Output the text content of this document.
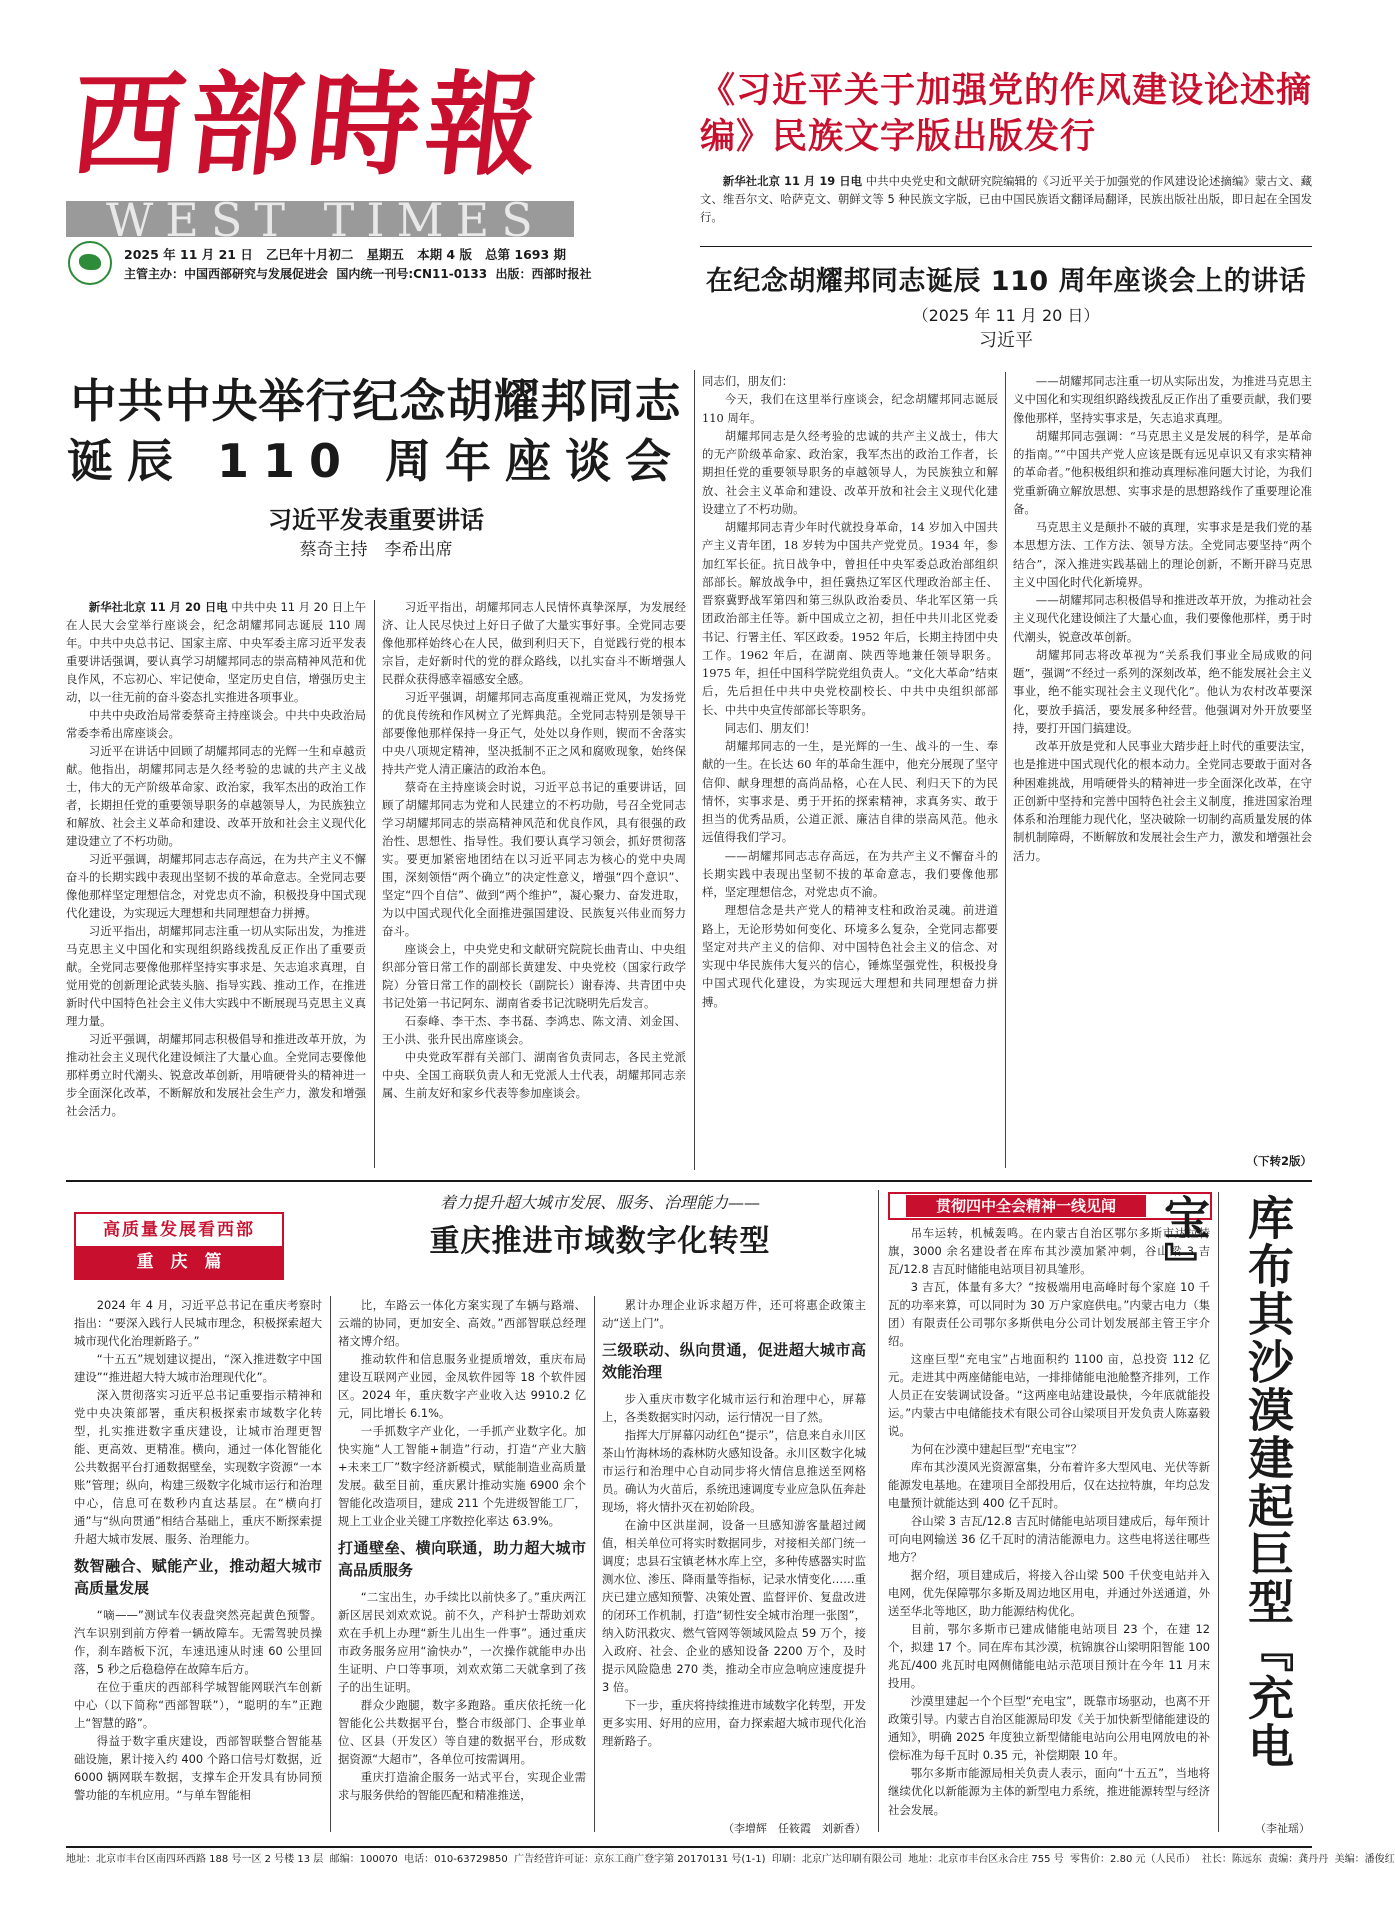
西部時報
WEST TIMES
2025 年 11 月 21 日 乙巳年十月初二 星期五 本期 4 版 总第 1693 期
主管主办：中国西部研究与发展促进会 国内统一刊号:CN11-0133 出版：西部时报社
《习近平关于加强党的作风建设论述摘编》民族文字版出版发行

新华社北京 11 月 19 日电 中共中央党史和文献研究院编辑的《习近平关于加强党的作风建设论述摘编》蒙古文、藏文、维吾尔文、哈萨克文、朝鲜文等 5 种民族文字版，已由中国民族语文翻译局翻译，民族出版社出版，即日起在全国发行。

在纪念胡耀邦同志诞辰 110 周年座谈会上的讲话
（2025 年 11 月 20 日）
习近平
中共中央举行纪念胡耀邦同志
诞辰 110 周年座谈会
习近平发表重要讲话
蔡奇主持　李希出席

新华社北京 11 月 20 日电 中共中央 11 月 20 日上午在人民大会堂举行座谈会，纪念胡耀邦同志诞辰 110 周年。中共中央总书记、国家主席、中央军委主席习近平发表重要讲话强调，要认真学习胡耀邦同志的崇高精神风范和优良作风，不忘初心、牢记使命，坚定历史自信，增强历史主动，以一往无前的奋斗姿态扎实推进各项事业。

中共中央政治局常委蔡奇主持座谈会。中共中央政治局常委李希出席座谈会。

习近平在讲话中回顾了胡耀邦同志的光辉一生和卓越贡献。他指出，胡耀邦同志是久经考验的忠诚的共产主义战士，伟大的无产阶级革命家、政治家，我军杰出的政治工作者，长期担任党的重要领导职务的卓越领导人，为民族独立和解放、社会主义革命和建设、改革开放和社会主义现代化建设建立了不朽功勋。

习近平强调，胡耀邦同志志存高远，在为共产主义不懈奋斗的长期实践中表现出坚韧不拔的革命意志。全党同志要像他那样坚定理想信念，对党忠贞不渝，积极投身中国式现代化建设，为实现远大理想和共同理想奋力拼搏。

习近平指出，胡耀邦同志注重一切从实际出发，为推进马克思主义中国化和实现组织路线拨乱反正作出了重要贡献。全党同志要像他那样坚持实事求是、矢志追求真理，自觉用党的创新理论武装头脑、指导实践、推动工作，在推进新时代中国特色社会主义伟大实践中不断展现马克思主义真理力量。

习近平强调，胡耀邦同志积极倡导和推进改革开放，为推动社会主义现代化建设倾注了大量心血。全党同志要像他那样勇立时代潮头、锐意改革创新，用啃硬骨头的精神进一步全面深化改革，不断解放和发展社会生产力，激发和增强社会活力。

习近平指出，胡耀邦同志人民情怀真挚深厚，为发展经济、让人民尽快过上好日子做了大量实事好事。全党同志要像他那样始终心在人民，做到利归天下，自觉践行党的根本宗旨，走好新时代的党的群众路线，以扎实奋斗不断增强人民群众获得感幸福感安全感。

习近平强调，胡耀邦同志高度重视端正党风，为发扬党的优良传统和作风树立了光辉典范。全党同志特别是领导干部要像他那样保持一身正气，处处以身作则，锲而不舍落实中央八项规定精神，坚决抵制不正之风和腐败现象，始终保持共产党人清正廉洁的政治本色。

蔡奇在主持座谈会时说，习近平总书记的重要讲话，回顾了胡耀邦同志为党和人民建立的不朽功勋，号召全党同志学习胡耀邦同志的崇高精神风范和优良作风，具有很强的政治性、思想性、指导性。我们要认真学习领会，抓好贯彻落实。要更加紧密地团结在以习近平同志为核心的党中央周围，深刻领悟“两个确立”的决定性意义，增强“四个意识”、坚定“四个自信”、做到“两个维护”，凝心聚力、奋发进取，为以中国式现代化全面推进强国建设、民族复兴伟业而努力奋斗。

座谈会上，中央党史和文献研究院院长曲青山、中央组织部分管日常工作的副部长黄建发、中央党校（国家行政学院）分管日常工作的副校长（副院长）谢春涛、共青团中央书记处第一书记阿东、湖南省委书记沈晓明先后发言。

石泰峰、李干杰、李书磊、李鸿忠、陈文清、刘金国、王小洪、张升民出席座谈会。

中央党政军群有关部门、湖南省负责同志，各民主党派中央、全国工商联负责人和无党派人士代表，胡耀邦同志亲属、生前友好和家乡代表等参加座谈会。

同志们，朋友们：

今天，我们在这里举行座谈会，纪念胡耀邦同志诞辰 110 周年。

胡耀邦同志是久经考验的忠诚的共产主义战士，伟大的无产阶级革命家、政治家，我军杰出的政治工作者，长期担任党的重要领导职务的卓越领导人，为民族独立和解放、社会主义革命和建设、改革开放和社会主义现代化建设建立了不朽功勋。

胡耀邦同志青少年时代就投身革命，14 岁加入中国共产主义青年团，18 岁转为中国共产党党员。1934 年，参加红军长征。抗日战争中，曾担任中央军委总政治部组织部部长。解放战争中，担任冀热辽军区代理政治部主任、晋察冀野战军第四和第三纵队政治委员、华北军区第一兵团政治部主任等。新中国成立之初，担任中共川北区党委书记、行署主任、军区政委。1952 年后，长期主持团中央工作。1962 年后，在湖南、陕西等地兼任领导职务。1975 年，担任中国科学院党组负责人。“文化大革命”结束后，先后担任中共中央党校副校长、中共中央组织部部长、中共中央宣传部部长等职务。

同志们、朋友们！

胡耀邦同志的一生，是光辉的一生、战斗的一生、奉献的一生。在长达 60 年的革命生涯中，他充分展现了坚守信仰、献身理想的高尚品格，心在人民、利归天下的为民情怀，实事求是、勇于开拓的探索精神，求真务实、敢于担当的优秀品质，公道正派、廉洁自律的崇高风范。他永远值得我们学习。

——胡耀邦同志志存高远，在为共产主义不懈奋斗的长期实践中表现出坚韧不拔的革命意志，我们要像他那样，坚定理想信念，对党忠贞不渝。

理想信念是共产党人的精神支柱和政治灵魂。前进道路上，无论形势如何变化、环境多么复杂，全党同志都要坚定对共产主义的信仰、对中国特色社会主义的信念、对实现中华民族伟大复兴的信心，锤炼坚强党性，积极投身中国式现代化建设，为实现远大理想和共同理想奋力拼搏。

——胡耀邦同志注重一切从实际出发，为推进马克思主义中国化和实现组织路线拨乱反正作出了重要贡献，我们要像他那样，坚持实事求是，矢志追求真理。

胡耀邦同志强调：“马克思主义是发展的科学，是革命的指南。”“中国共产党人应该是既有远见卓识又有求实精神的革命者。”他积极组织和推动真理标准问题大讨论，为我们党重新确立解放思想、实事求是的思想路线作了重要理论准备。

马克思主义是颠扑不破的真理，实事求是是我们党的基本思想方法、工作方法、领导方法。全党同志要坚持“两个结合”，深入推进实践基础上的理论创新，不断开辟马克思主义中国化时代化新境界。

——胡耀邦同志积极倡导和推进改革开放，为推动社会主义现代化建设倾注了大量心血，我们要像他那样，勇于时代潮头，锐意改革创新。

胡耀邦同志将改革视为“关系我们事业全局成败的问题”，强调“不经过一系列的深刻改革，绝不能发展社会主义事业，绝不能实现社会主义现代化”。他认为农村改革要深化，要放手搞活，要发展多种经营。他强调对外开放要坚持，要打开国门搞建设。

改革开放是党和人民事业大踏步赶上时代的重要法宝，也是推进中国式现代化的根本动力。全党同志要敢于面对各种困难挑战，用啃硬骨头的精神进一步全面深化改革，在守正创新中坚持和完善中国特色社会主义制度，推进国家治理体系和治理能力现代化，坚决破除一切制约高质量发展的体制机制障碍，不断解放和发展社会生产力，激发和增强社会活力。

（下转2版）
高质量发展看西部
重　庆　篇
着力提升超大城市发展、服务、治理能力——
重庆推进市域数字化转型

2024 年 4 月，习近平总书记在重庆考察时指出：“要深入践行人民城市理念，积极探索超大城市现代化治理新路子。”

“十五五”规划建议提出，“深入推进数字中国建设”“推进超大特大城市治理现代化”。

深入贯彻落实习近平总书记重要指示精神和党中央决策部署，重庆积极探索市域数字化转型，扎实推进数字重庆建设，让城市治理更智能、更高效、更精准。横向，通过一体化智能化公共数据平台打通数据壁垒，实现数字资源“一本账”管理；纵向，构建三级数字化城市运行和治理中心，信息可在数秒内直达基层。在“横向打通”与“纵向贯通”相结合基础上，重庆不断探索提升超大城市发展、服务、治理能力。

数智融合、赋能产业，推动超大城市高质量发展

“嘀——”测试车仪表盘突然亮起黄色预警。汽车识别到前方停着一辆故障车。无需驾驶员操作，刹车踏板下沉，车速迅速从时速 60 公里回落，5 秒之后稳稳停在故障车后方。

在位于重庆的西部科学城智能网联汽车创新中心（以下简称“西部智联”），“聪明的车”正跑上“智慧的路”。

得益于数字重庆建设，西部智联整合智能基础设施，累计接入约 400 个路口信号灯数据，近 6000 辆网联车数据，支撑车企开发具有协同预警功能的车机应用。“与单车智能相

比，车路云一体化方案实现了车辆与路端、云端的协同，更加安全、高效。”西部智联总经理褚文博介绍。

推动软件和信息服务业提质增效，重庆布局建设互联网产业园，金凤软件园等 18 个软件园区。2024 年，重庆数字产业收入达 9910.2 亿元，同比增长 6.1%。

一手抓数字产业化，一手抓产业数字化。加快实施“人工智能+制造”行动，打造“产业大脑+未来工厂”数字经济新模式，赋能制造业高质量发展。截至目前，重庆累计推动实施 6900 余个智能化改造项目，建成 211 个先进级智能工厂，规上工业企业关键工序数控化率达 63.9%。

打通壁垒、横向联通，助力超大城市高品质服务

“二宝出生，办手续比以前快多了。”重庆两江新区居民刘欢欢说。前不久，产科护士帮助刘欢欢在手机上办理“新生儿出生一件事”。通过重庆市政务服务应用“渝快办”，一次操作就能申办出生证明、户口等事项，刘欢欢第二天就拿到了孩子的出生证明。

群众少跑腿，数字多跑路。重庆依托统一化智能化公共数据平台，整合市级部门、企事业单位、区县（开发区）等自建的数据平台，形成数据资源“大超市”，各单位可按需调用。

重庆打造渝企服务一站式平台，实现企业需求与服务供给的智能匹配和精准推送，

累计办理企业诉求超万件，还可将惠企政策主动“送上门”。

三级联动、纵向贯通，促进超大城市高效能治理

步入重庆市数字化城市运行和治理中心，屏幕上，各类数据实时闪动，运行情况一目了然。

指挥大厅屏幕闪动红色“提示”，信息来自永川区茶山竹海林场的森林防火感知设备。永川区数字化城市运行和治理中心自动同步将火情信息推送至网格员。确认为火苗后，系统迅速调度专业应急队伍奔赴现场，将火情扑灭在初始阶段。

在渝中区洪崖洞，设备一旦感知游客量超过阈值，相关单位可将实时数据同步，对接相关部门统一调度；忠县石宝镇老林水库上空，多种传感器实时监测水位、渗压、降雨量等指标，记录水情变化……重庆已建立感知预警、决策处置、监督评价、复盘改进的闭环工作机制，打造“韧性安全城市治理一张图”，纳入防汛救灾、燃气管网等领域风险点 59 万个，接入政府、社会、企业的感知设备 2200 万个，及时提示风险隐患 270 类，推动全市应急响应速度提升 3 倍。

下一步，重庆将持续推进市域数字化转型，开发更多实用、好用的应用，奋力探索超大城市现代化治理新路子。

（李增辉　任筱霞　刘新香）
贯彻四中全会精神一线见闻

吊车运转，机械轰鸣。在内蒙古自治区鄂尔多斯市达拉特旗，3000 余名建设者在库布其沙漠加紧冲刺，谷山梁 3 吉瓦/12.8 吉瓦时储能电站项目初具雏形。

3 吉瓦，体量有多大？“按极端用电高峰时每个家庭 10 千瓦的功率来算，可以同时为 30 万户家庭供电。”内蒙古电力（集团）有限责任公司鄂尔多斯供电分公司计划发展部主管王宇介绍。

这座巨型“充电宝”占地面积约 1100 亩，总投资 112 亿元。走进其中两座储能电站，一排排储能电池舱整齐排列，工作人员正在安装调试设备。“这两座电站建设最快，今年底就能投运。”内蒙古中电储能技术有限公司谷山梁项目开发负责人陈嘉毅说。

为何在沙漠中建起巨型“充电宝”？

库布其沙漠风光资源富集，分布着许多大型风电、光伏等新能源发电基地。在建项目全部投用后，仅在达拉特旗，年均总发电量预计就能达到 400 亿千瓦时。

谷山梁 3 吉瓦/12.8 吉瓦时储能电站项目建成后，每年预计可向电网输送 36 亿千瓦时的清洁能源电力。这些电将送往哪些地方？

据介绍，项目建成后，将接入谷山梁 500 千伏变电站并入电网，优先保障鄂尔多斯及周边地区用电，并通过外送通道，外送至华北等地区，助力能源结构优化。

目前，鄂尔多斯市已建成储能电站项目 23 个，在建 12 个，拟建 17 个。同在库布其沙漠，杭锦旗谷山梁明阳智能 100 兆瓦/400 兆瓦时电网侧储能电站示范项目预计在今年 11 月末投用。

沙漠里建起一个个巨型“充电宝”，既靠市场驱动，也离不开政策引导。内蒙古自治区能源局印发《关于加快新型储能建设的通知》，明确 2025 年度独立新型储能电站向公用电网放电的补偿标准为每千瓦时 0.35 元，补偿期限 10 年。

鄂尔多斯市能源局相关负责人表示，面向“十五五”，当地将继续优化以新能源为主体的新型电力系统，推进能源转型与经济社会发展。

（李祉瑶）
库布其沙漠建起巨型『充电宝』
地址：北京市丰台区南四环西路 188 号一区 2 号楼 13 层 邮编：100070 电话：010-63729850 广告经营许可证：京东工商广登字第 20170131 号(1-1) 印刷：北京广达印刷有限公司 地址：北京市丰台区永合庄 755 号 零售价：2.80 元（人民币） 社长：陈远东 责编：龚丹丹 美编：潘俊红
